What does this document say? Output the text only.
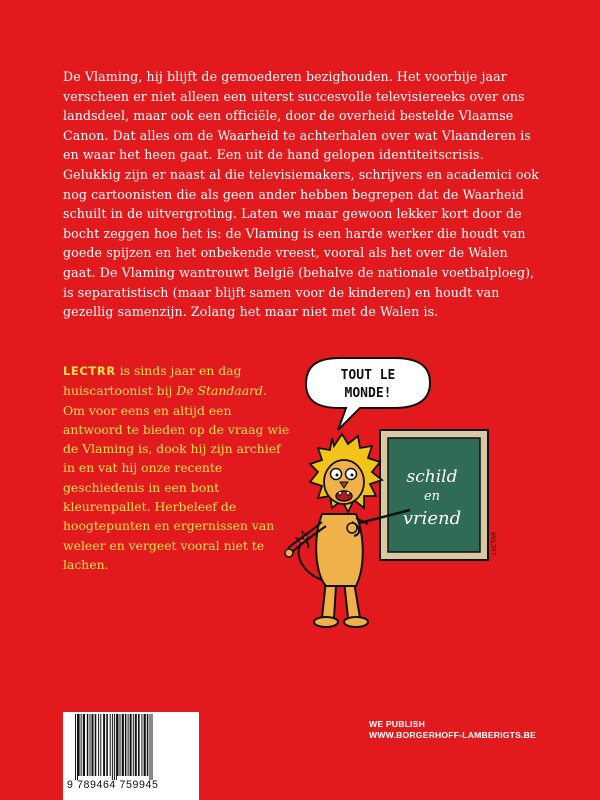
De Vlaming, hij blijft de gemoederen bezighouden. Het voorbije jaar verscheen er niet alleen een uiterst succesvolle televisiereeks over ons landsdeel, maar ook een officiële, door de overheid bestelde Vlaamse Canon. Dat alles om de Waarheid te achterhalen over wat Vlaanderen is en waar het heen gaat. Een uit de hand gelopen identiteitscrisis.
Gelukkig zijn er naast al die televisiemakers, schrijvers en academici ook nog cartoonisten die als geen ander hebben begrepen dat de Waarheid schuilt in de uitvergroting. Laten we maar gewoon lekker kort door de bocht zeggen hoe het is: de Vlaming is een harde werker die houdt van goede spijzen en het onbekende vreest, vooral als het over de Walen gaat. De Vlaming wantrouwt België (behalve de nationale voetbalploeg), is separatistisch (maar blijft samen voor de kinderen) en houdt van gezellig samenzijn. Zolang het maar niet met de Walen is.
LECTRR is sinds jaar en dag huiscartoonist bij De Standaard. Om voor eens en altijd een antwoord te bieden op de vraag wie de Vlaming is, dook hij zijn archief in en vat hij onze recente geschiedenis in een bont kleurenpallet. Herbeleef de hoogtepunten en ergernissen van weleer en vergeet vooral niet te lachen.
TOUT LE
MONDE!
schild
en
vriend
LECTRR
9 789464 759945
WE PUBLISH
WWW.BORGERHOFF-LAMBERIGTS.BE
